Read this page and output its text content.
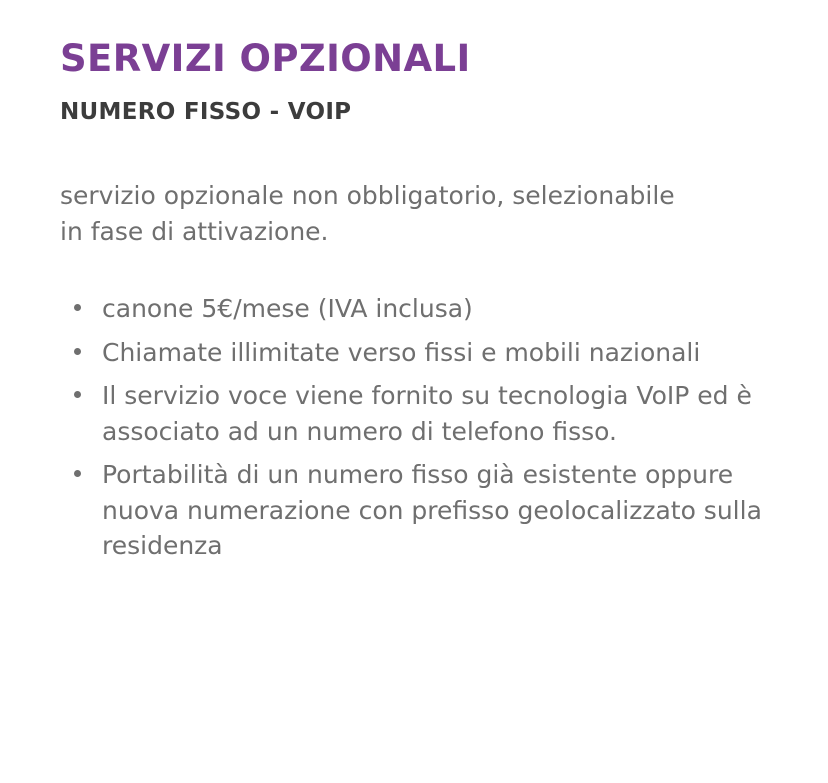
SERVIZI OPZIONALI
NUMERO FISSO - VOIP

servizio opzionale non obbligatorio, selezionabile in fase di attivazione.

canone 5€/mese (IVA inclusa)
Chiamate illimitate verso fissi e mobili nazionali
Il servizio voce viene fornito su tecnologia VoIP ed è associato ad un numero di telefono fisso.
Portabilità di un numero fisso già esistente oppure nuova numerazione con prefisso geolocalizzato sulla residenza
